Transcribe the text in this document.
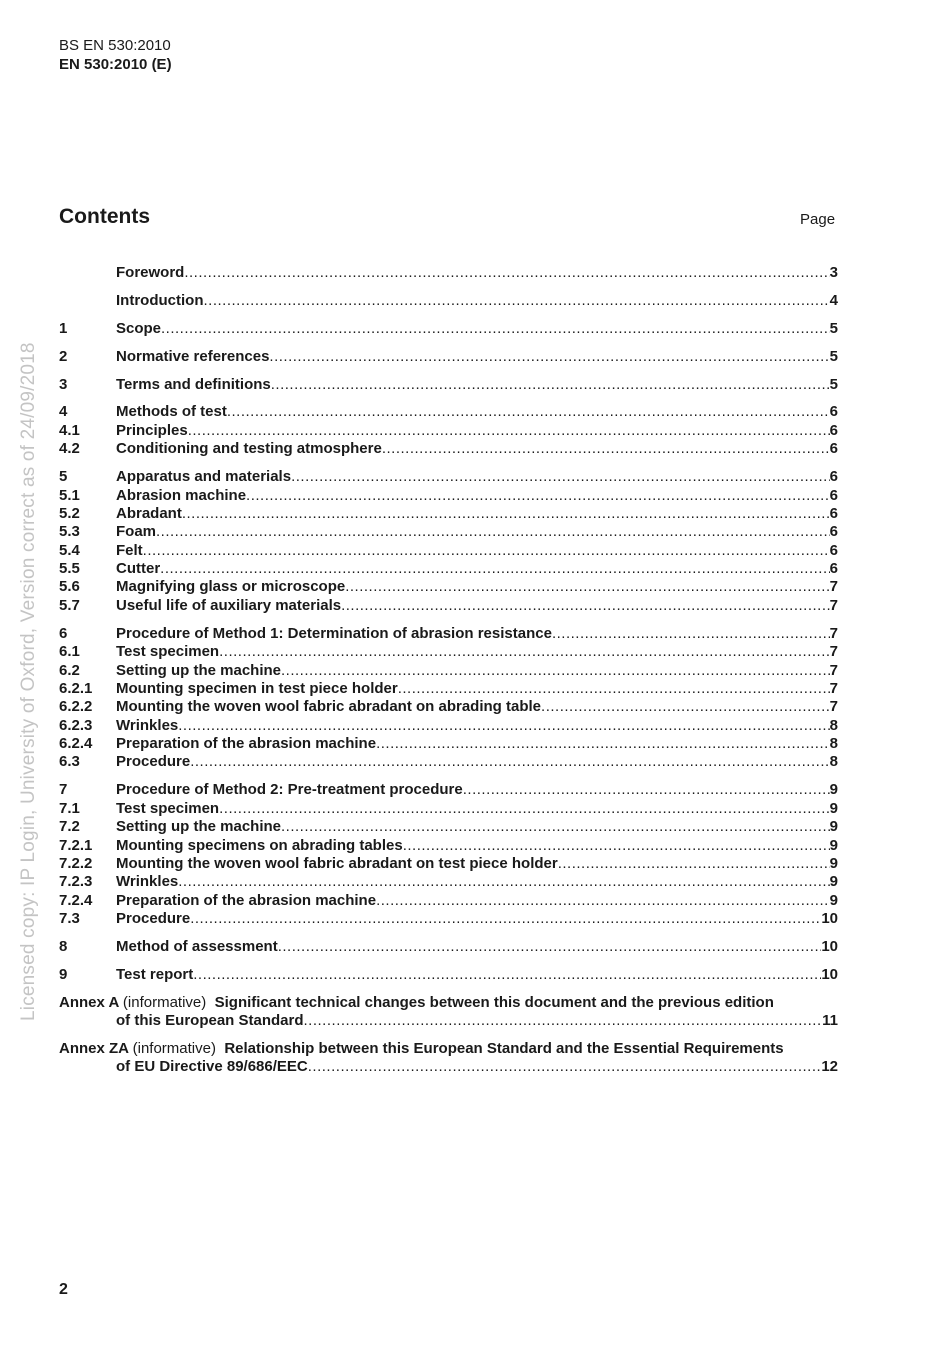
BS EN 530:2010
EN 530:2010 (E)
Contents	Page
Licensed copy: IP Login, University of Oxford, Version correct as of 24/09/2018
Foreword .....	3
Introduction .....	4
1	Scope .....	5
2	Normative references .....	5
3	Terms and definitions .....	5
4	Methods of test .....	6
4.1	Principles .....	6
4.2	Conditioning and testing atmosphere .....	6
5	Apparatus and materials .....	6
5.1	Abrasion machine .....	6
5.2	Abradant .....	6
5.3	Foam .....	6
5.4	Felt .....	6
5.5	Cutter .....	6
5.6	Magnifying glass or microscope .....	7
5.7	Useful life of auxiliary materials .....	7
6	Procedure of Method 1: Determination of abrasion resistance .....	7
6.1	Test specimen .....	7
6.2	Setting up the machine .....	7
6.2.1	Mounting specimen in test piece holder .....	7
6.2.2	Mounting the woven wool fabric abradant on abrading table .....	7
6.2.3	Wrinkles .....	8
6.2.4	Preparation of the abrasion machine .....	8
6.3	Procedure .....	8
7	Procedure of Method 2: Pre-treatment procedure .....	9
7.1	Test specimen .....	9
7.2	Setting up the machine .....	9
7.2.1	Mounting specimens on abrading tables .....	9
7.2.2	Mounting the woven wool fabric abradant on test piece holder .....	9
7.2.3	Wrinkles .....	9
7.2.4	Preparation of the abrasion machine .....	9
7.3	Procedure .....	10
8	Method of assessment .....	10
9	Test report .....	10
Annex A (informative) Significant technical changes between this document and the previous edition
of this European Standard .....	11
Annex ZA (informative) Relationship between this European Standard and the Essential Requirements
of EU Directive 89/686/EEC .....	12
2
